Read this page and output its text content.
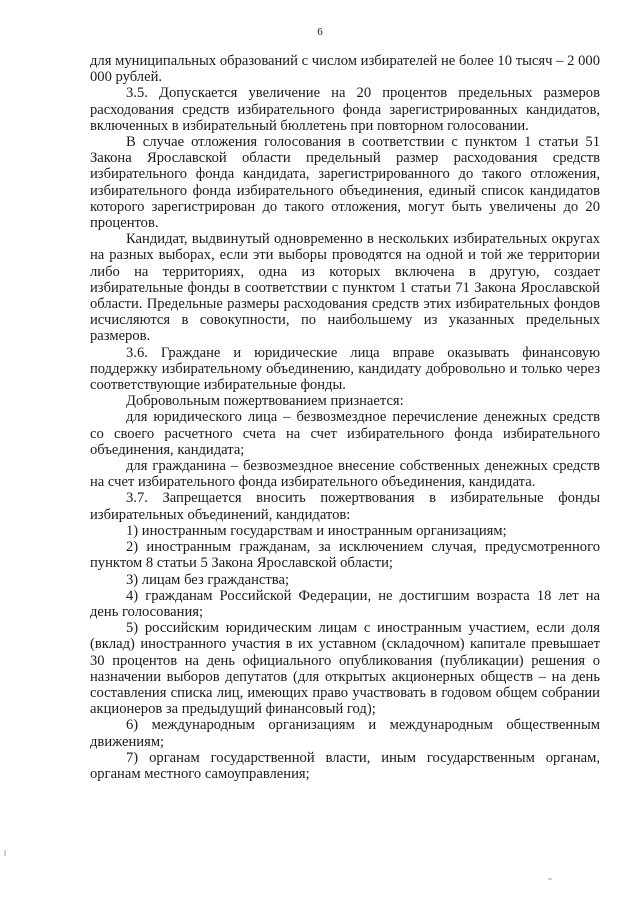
6

для муниципальных образований с числом избирателей не более 10 тысяч – 2 000 000 рублей.

3.5. Допускается увеличение на 20 процентов предельных размеров расходования средств избирательного фонда зарегистрированных кандидатов, включенных в избирательный бюллетень при повторном голосовании.

В случае отложения голосования в соответствии с пунктом 1 статьи 51 Закона Ярославской области предельный размер расходования средств избирательного фонда кандидата, зарегистрированного до такого отложения, избирательного фонда избирательного объединения, единый список кандидатов которого зарегистрирован до такого отложения, могут быть увеличены до 20 процентов.

Кандидат, выдвинутый одновременно в нескольких избирательных округах на разных выборах, если эти выборы проводятся на одной и той же территории либо на территориях, одна из которых включена в другую, создает избирательные фонды в соответствии с пунктом 1 статьи 71 Закона Ярославской области. Предельные размеры расходования средств этих избирательных фондов исчисляются в совокупности, по наибольшему из указанных предельных размеров.

3.6. Граждане и юридические лица вправе оказывать финансовую поддержку избирательному объединению, кандидату добровольно и только через соответствующие избирательные фонды.

Добровольным пожертвованием признается:

для юридического лица – безвозмездное перечисление денежных средств со своего расчетного счета на счет избирательного фонда избирательного объединения, кандидата;

для гражданина – безвозмездное внесение собственных денежных средств на счет избирательного фонда избирательного объединения, кандидата.

3.7. Запрещается вносить пожертвования в избирательные фонды избирательных объединений, кандидатов:

1) иностранным государствам и иностранным организациям;

2) иностранным гражданам, за исключением случая, предусмотренного пунктом 8 статьи 5 Закона Ярославской области;

3) лицам без гражданства;

4) гражданам Российской Федерации, не достигшим возраста 18 лет на день голосования;

5) российским юридическим лицам с иностранным участием, если доля (вклад) иностранного участия в их уставном (складочном) капитале превышает 30 процентов на день официального опубликования (публикации) решения о назначении выборов депутатов (для открытых акционерных обществ – на день составления списка лиц, имеющих право участвовать в годовом общем собрании акционеров за предыдущий финансовый год);

6) международным организациям и международным общественным движениям;

7) органам государственной власти, иным государственным органам, органам местного самоуправления;
